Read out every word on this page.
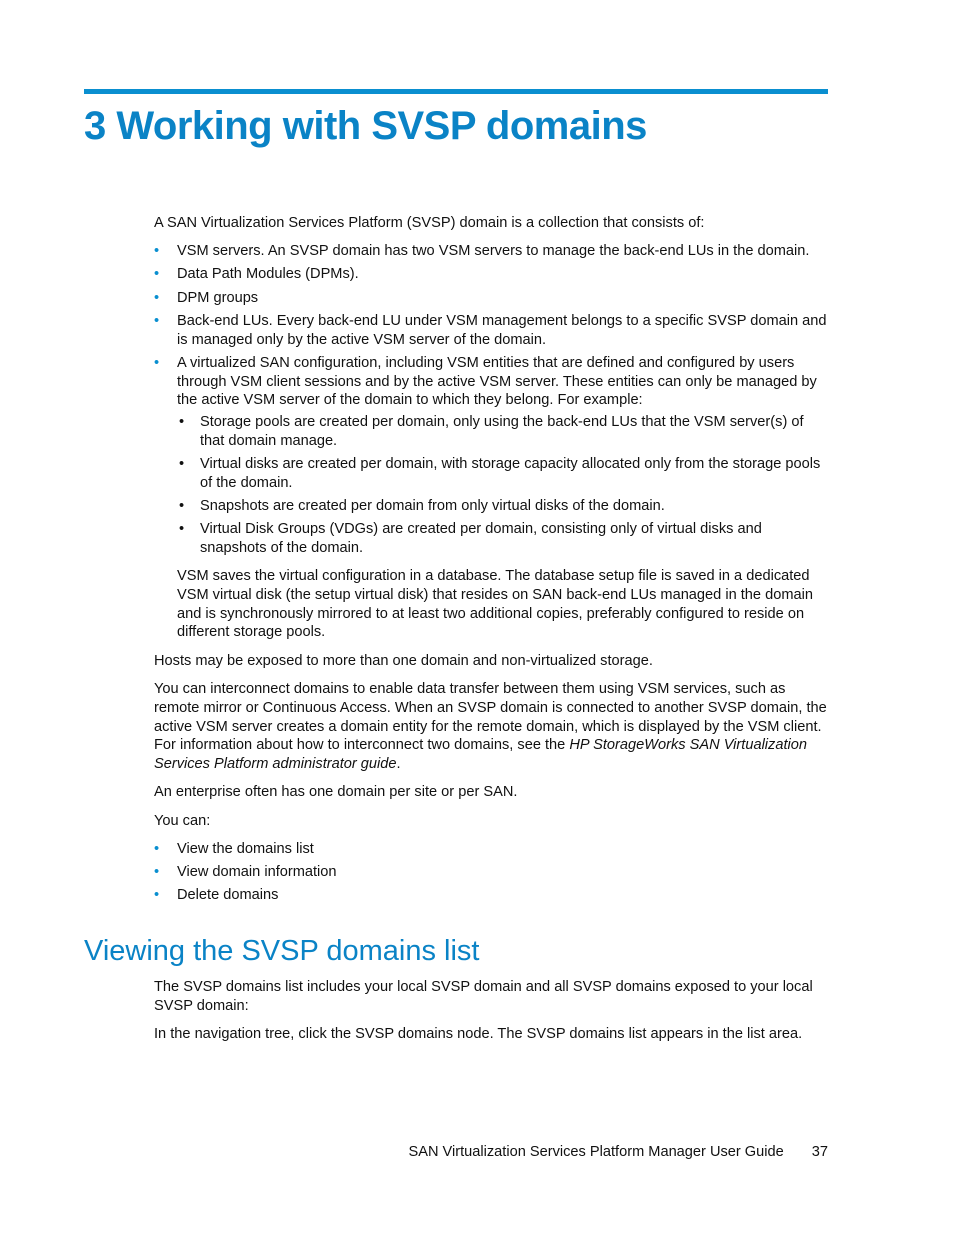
3 Working with SVSP domains

A SAN Virtualization Services Platform (SVSP) domain is a collection that consists of:

• VSM servers. An SVSP domain has two VSM servers to manage the back-end LUs in the domain.
• Data Path Modules (DPMs).
• DPM groups
• Back-end LUs. Every back-end LU under VSM management belongs to a specific SVSP domain and is managed only by the active VSM server of the domain.
• A virtualized SAN configuration, including VSM entities that are defined and configured by users through VSM client sessions and by the active VSM server. These entities can only be managed by the active VSM server of the domain to which they belong. For example:
• Storage pools are created per domain, only using the back-end LUs that the VSM server(s) of that domain manage.
• Virtual disks are created per domain, with storage capacity allocated only from the storage pools of the domain.
• Snapshots are created per domain from only virtual disks of the domain.
• Virtual Disk Groups (VDGs) are created per domain, consisting only of virtual disks and snapshots of the domain.

VSM saves the virtual configuration in a database. The database setup file is saved in a dedicated VSM virtual disk (the setup virtual disk) that resides on SAN back-end LUs managed in the domain and is synchronously mirrored to at least two additional copies, preferably configured to reside on different storage pools.

Hosts may be exposed to more than one domain and non-virtualized storage.

You can interconnect domains to enable data transfer between them using VSM services, such as remote mirror or Continuous Access. When an SVSP domain is connected to another SVSP domain, the active VSM server creates a domain entity for the remote domain, which is displayed by the VSM client. For information about how to interconnect two domains, see the HP StorageWorks SAN Virtualization Services Platform administrator guide.

An enterprise often has one domain per site or per SAN.

You can:

• View the domains list
• View domain information
• Delete domains
Viewing the SVSP domains list

The SVSP domains list includes your local SVSP domain and all SVSP domains exposed to your local SVSP domain:

In the navigation tree, click the SVSP domains node. The SVSP domains list appears in the list area.

SAN Virtualization Services Platform Manager User Guide 37
